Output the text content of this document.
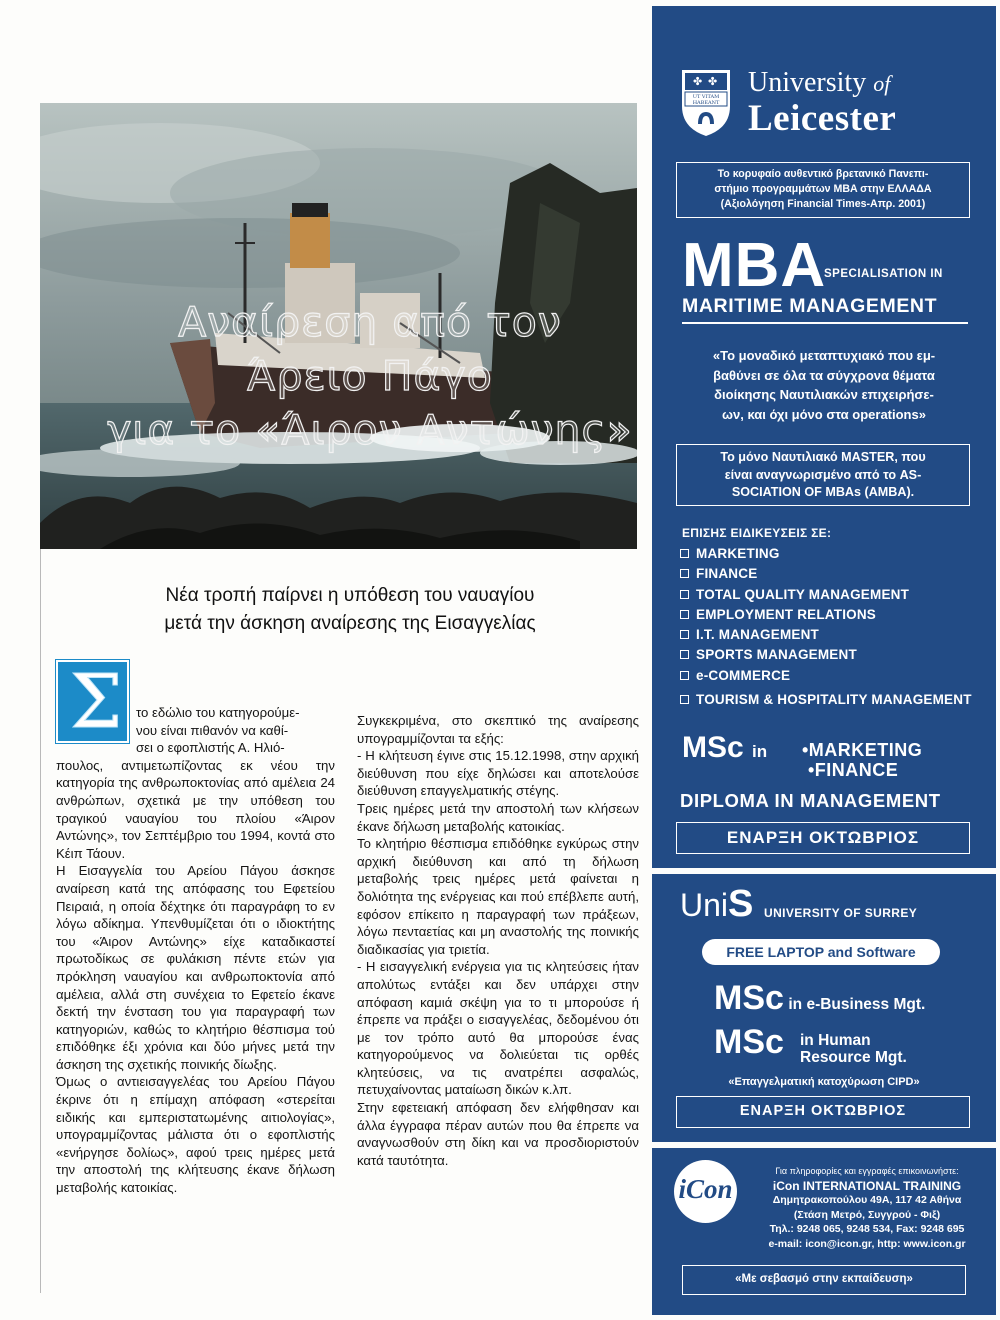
Αναίρεση από τον
Άρειο Πάγο
για το «Άιρον Αντώνης»
Νέα τροπή παίρνει η υπόθεση του ναυαγίου
μετά την άσκηση αναίρεσης της Εισαγγελίας
Σ	το εδώλιο του κατηγορούμε-

νου είναι πιθανόν να καθί-

σει ο εφοπλιστής Α. Ηλιό-

πουλος, αντιμετωπίζοντας εκ νέου την κατηγορία της ανθρωποκτονίας από αμέλεια 24 ανθρώπων, σχετικά με την υπόθεση του τραγικού ναυαγίου του πλοίου «Άιρον Αντώνης», τον Σεπτέμβριο του 1994, κοντά στο Κέιπ Τάουν.

Η Εισαγγελία του Αρείου Πάγου άσκησε αναίρεση κατά της απόφασης του Εφετείου Πειραιά, η οποία δέχτηκε ότι παραγράφη το εν λόγω αδίκημα. Υπενθυμίζεται ότι ο ιδιοκτήτης του «Άιρον Αντώνης» είχε καταδικαστεί πρωτοδίκως σε φυλάκιση πέντε ετών για πρόκληση ναυαγίου και ανθρωποκτονία από αμέλεια, αλλά στη συνέχεια το Εφετείο έκανε δεκτή την ένσταση του για παραγραφή των κατηγοριών, καθώς το κλητήριο θέσπισμα τού επιδόθηκε έξι χρόνια και δύο μήνες μετά την άσκηση της σχετικής ποινικής δίωξης.

Όμως ο αντιεισαγγελέας του Αρείου Πάγου έκρινε ότι η επίμαχη απόφαση «στερείται ειδικής και εμπεριστατωμένης αιτιολογίας», υπογραμμίζοντας μάλιστα ότι ο εφοπλιστής «ενήργησε δολίως», αφού τρεις ημέρες μετά την αποστολή της κλήτευσης έκανε δήλωση μεταβολής κατοικίας.

Συγκεκριμένα, στο σκεπτικό της αναίρεσης υπογραμμίζονται τα εξής:

- Η κλήτευση έγινε στις 15.12.1998, στην αρχική διεύθυνση που είχε δηλώσει και αποτελούσε διεύθυνση επαγγελματικής στέγης.

Τρεις ημέρες μετά την αποστολή των κλήσεων έκανε δήλωση μεταβολής κατοικίας.

Το κλητήριο θέσπισμα επιδόθηκε εγκύρως στην αρχική διεύθυνση και από τη δήλωση μεταβολής τρεις ημέρες μετά φαίνεται η δολιότητα της ενέργειας και πού επέβλεπε αυτή, εφόσον επίκειτο η παραγραφή των πράξεων, λόγω πενταετίας και μη αναστολής της ποινικής διαδικασίας για τριετία.

- Η εισαγγελική ενέργεια για τις κλητεύσεις ήταν απολύτως εντάξει και δεν υπάρχει στην απόφαση καμιά σκέψη για το τι μπορούσε ή έπρεπε να πράξει ο εισαγγελέας, δεδομένου ότι με τον τρόπο αυτό θα μπορούσε ένας κατηγορούμενος να δολιεύεται τις ορθές κλητεύσεις, να τις ανατρέπει ασφαλώς, πετυχαίνοντας ματαίωση δικών κ.λπ.

Στην εφετειακή απόφαση δεν ελήφθησαν και άλλα έγγραφα πέραν αυτών που θα έπρεπε να αναγνωσθούν στη δίκη και να προσδιοριστούν κατά ταυτότητα.

✤ ✤
UT VITAM
HABEANT
University of
Leicester
Το κορυφαίο αυθεντικό βρετανικό Πανεπι-
στήμιο προγραμμάτων MBA στην ΕΛΛΑΔΑ
(Αξιολόγηση Financial Times-Απρ. 2001)
MBA
SPECIALISATION IN
MARITIME MANAGEMENT
«Το μοναδικό μεταπτυχιακό που εμ-
βαθύνει σε όλα τα σύγχρονα θέματα
διοίκησης Ναυτιλιακών επιχειρήσε-
ων, και όχι μόνο στα operations»
Το μόνο Ναυτιλιακό MASTER, που
είναι αναγνωρισμένο από το AS-
SOCIATION OF MBAs (AMBA).
ΕΠΙΣΗΣ ΕΙΔΙΚΕΥΣΕΙΣ ΣΕ:
MARKETING
FINANCE
TOTAL QUALITY MANAGEMENT
EMPLOYMENT RELATIONS
I.T. MANAGEMENT
SPORTS MANAGEMENT
e-COMMERCE
TOURISM & HOSPITALITY MANAGEMENT
MSc in •MARKETING
•FINANCE
DIPLOMA IN MANAGEMENT
ΕΝΑΡΞΗ ΟΚΤΩΒΡΙΟΣ
UniS UNIVERSITY OF SURREY
FREE LAPTOP and Software
MSc in e-Business Mgt.
MSc in Human
Resource Mgt.
«Επαγγελματική κατοχύρωση CIPD»
ΕΝΑΡΞΗ ΟΚΤΩΒΡΙΟΣ
iCon
Για πληροφορίες και εγγραφές επικοινωνήστε:
iCon INTERNATIONAL TRAINING
Δημητρακοπούλου 49Α, 117 42 Αθήνα
(Στάση Μετρό, Συγγρού - Φιξ)
Τηλ.: 9248 065, 9248 534, Fax: 9248 695
e-mail: icon@icon.gr, http: www.icon.gr
«Με σεβασμό στην εκπαίδευση»
